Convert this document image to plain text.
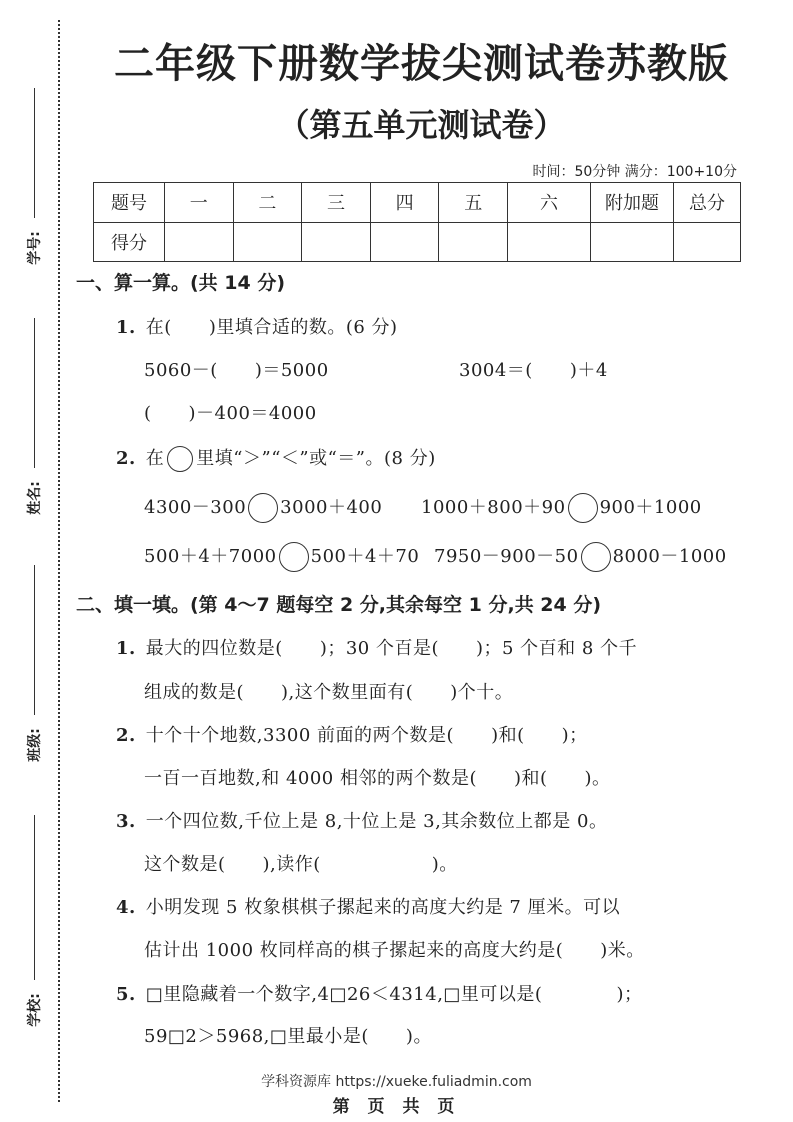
学号:
姓名:
班级:
学校:
二年级下册数学拔尖测试卷苏教版
（第五单元测试卷）
时间：50分钟 满分：100+10分
题号	一	二	三	四	五	六	附加题	总分
得分								
一、算一算。(共 14 分)
1. 在(　　)里填合适的数。(6 分)
5060－(　　)＝5000	3004＝(　　)＋4
(　　)－400＝4000
2. 在 里填“＞”“＜”或“＝”。(8 分)
4300－300 3000＋400 1000＋800＋90 900＋1000
500＋4＋7000 500＋4＋70 7950－900－50 8000－1000
二、填一填。(第 4～7 题每空 2 分,其余每空 1 分,共 24 分)
1. 最大的四位数是(　　)；30 个百是(　　)；5 个百和 8 个千
组成的数是(　　),这个数里面有(　　)个十。
2. 十个十个地数,3300 前面的两个数是(　　)和(　　)；
一百一百地数,和 4000 相邻的两个数是(　　)和(　　)。
3. 一个四位数,千位上是 8,十位上是 3,其余数位上都是 0。
这个数是(　　),读作(　　　　　　)。
4. 小明发现 5 枚象棋棋子摞起来的高度大约是 7 厘米。可以
估计出 1000 枚同样高的棋子摞起来的高度大约是(　　)米。
5. □里隐藏着一个数字,4□26＜4314,□里可以是(　　　　)；
59□2＞5968,□里最小是(　　)。
学科资源库 https://xueke.fuliadmin.com
第 页 共 页
